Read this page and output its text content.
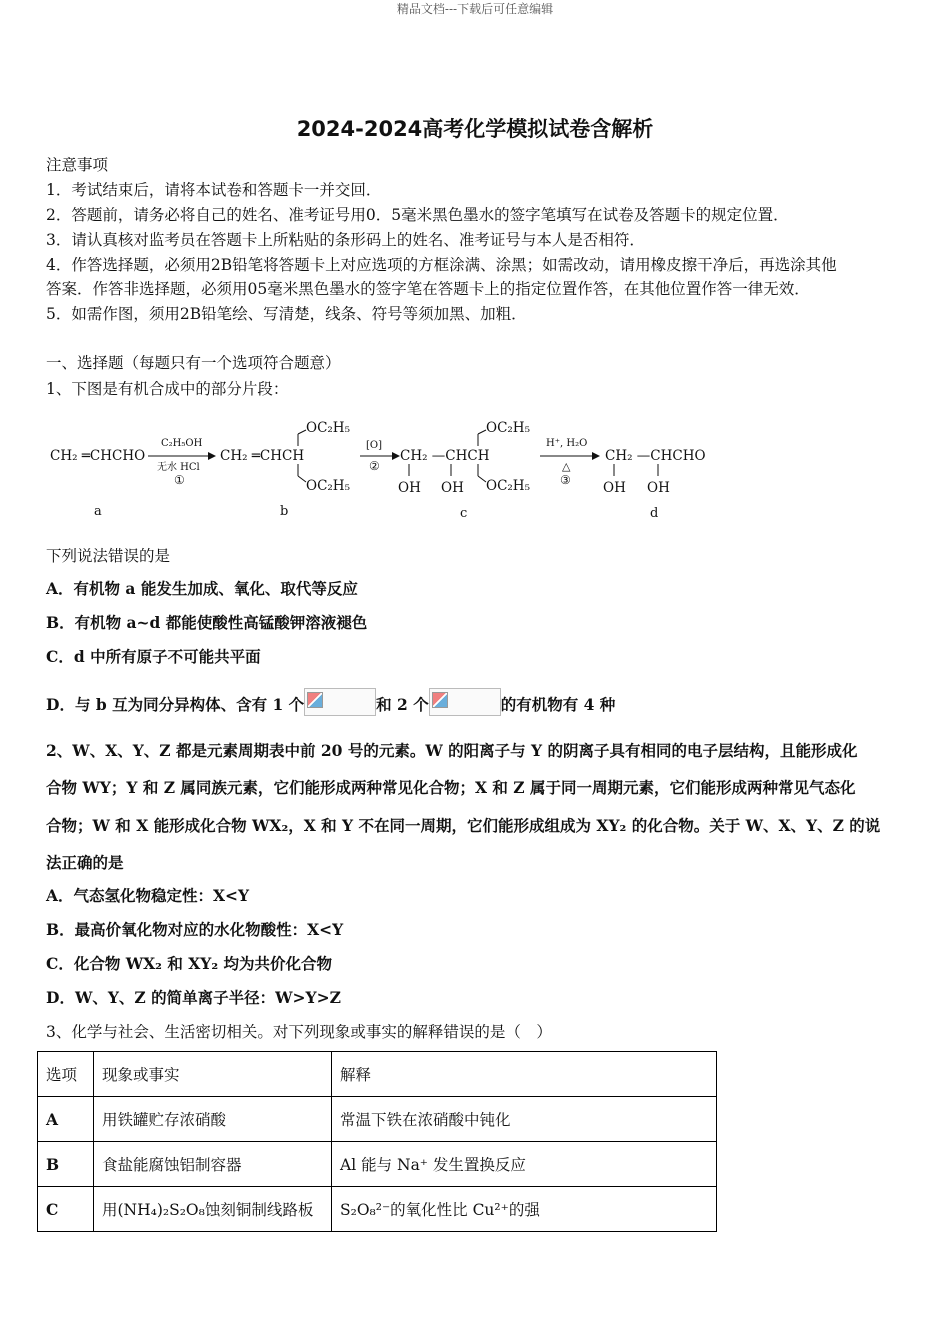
精品文档---下载后可任意编辑
2024-2024高考化学模拟试卷含解析
注意事项
1．考试结束后，请将本试卷和答题卡一并交回．
2．答题前，请务必将自己的姓名、准考证号用0．5毫米黑色墨水的签字笔填写在试卷及答题卡的规定位置．
3．请认真核对监考员在答题卡上所粘贴的条形码上的姓名、准考证号与本人是否相符．
4．作答选择题，必须用2B铅笔将答题卡上对应选项的方框涂满、涂黑；如需改动，请用橡皮擦干净后，再选涂其他
答案．作答非选择题，必须用05毫米黑色墨水的签字笔在答题卡上的指定位置作答，在其他位置作答一律无效．
5．如需作图，须用2B铅笔绘、写清楚，线条、符号等须加黑、加粗．
一、选择题（每题只有一个选项符合题意）
1、下图是有机合成中的部分片段：
CH₂ ═CHCHO
C₂H₅OH
无水 HCl
①
CH₂ ═CHCH
OC₂H₅
OC₂H₅
[O]
②
CH₂ —CHCH
OH OH
OC₂H₅
OC₂H₅
H⁺, H₂O
△
③
CH₂ —CHCHO
OH OH
a	b	c	d
下列说法错误的是
A．有机物 a 能发生加成、氧化、取代等反应
B．有机物 a~d 都能使酸性高锰酸钾溶液褪色
C．d 中所有原子不可能共平面
D．与 b 互为同分异构体、含有 1 个	和 2 个	的有机物有 4 种
2、W、X、Y、Z 都是元素周期表中前 20 号的元素。W 的阳离子与 Y 的阴离子具有相同的电子层结构，且能形成化
合物 WY；Y 和 Z 属同族元素，它们能形成两种常见化合物；X 和 Z 属于同一周期元素，它们能形成两种常见气态化
合物；W 和 X 能形成化合物 WX₂，X 和 Y 不在同一周期，它们能形成组成为 XY₂ 的化合物。关于 W、X、Y、Z 的说
法正确的是
A．气态氢化物稳定性：X<Y
B．最高价氧化物对应的水化物酸性：X<Y
C．化合物 WX₂ 和 XY₂ 均为共价化合物
D．W、Y、Z 的简单离子半径：W>Y>Z
3、化学与社会、生活密切相关。对下列现象或事实的解释错误的是（　）
选项	现象或事实	解释
A	用铁罐贮存浓硝酸	常温下铁在浓硝酸中钝化
B	食盐能腐蚀铝制容器	Al 能与 Na⁺ 发生置换反应
C	用(NH₄)₂S₂O₈蚀刻铜制线路板	S₂O₈²⁻的氧化性比 Cu²⁺的强
